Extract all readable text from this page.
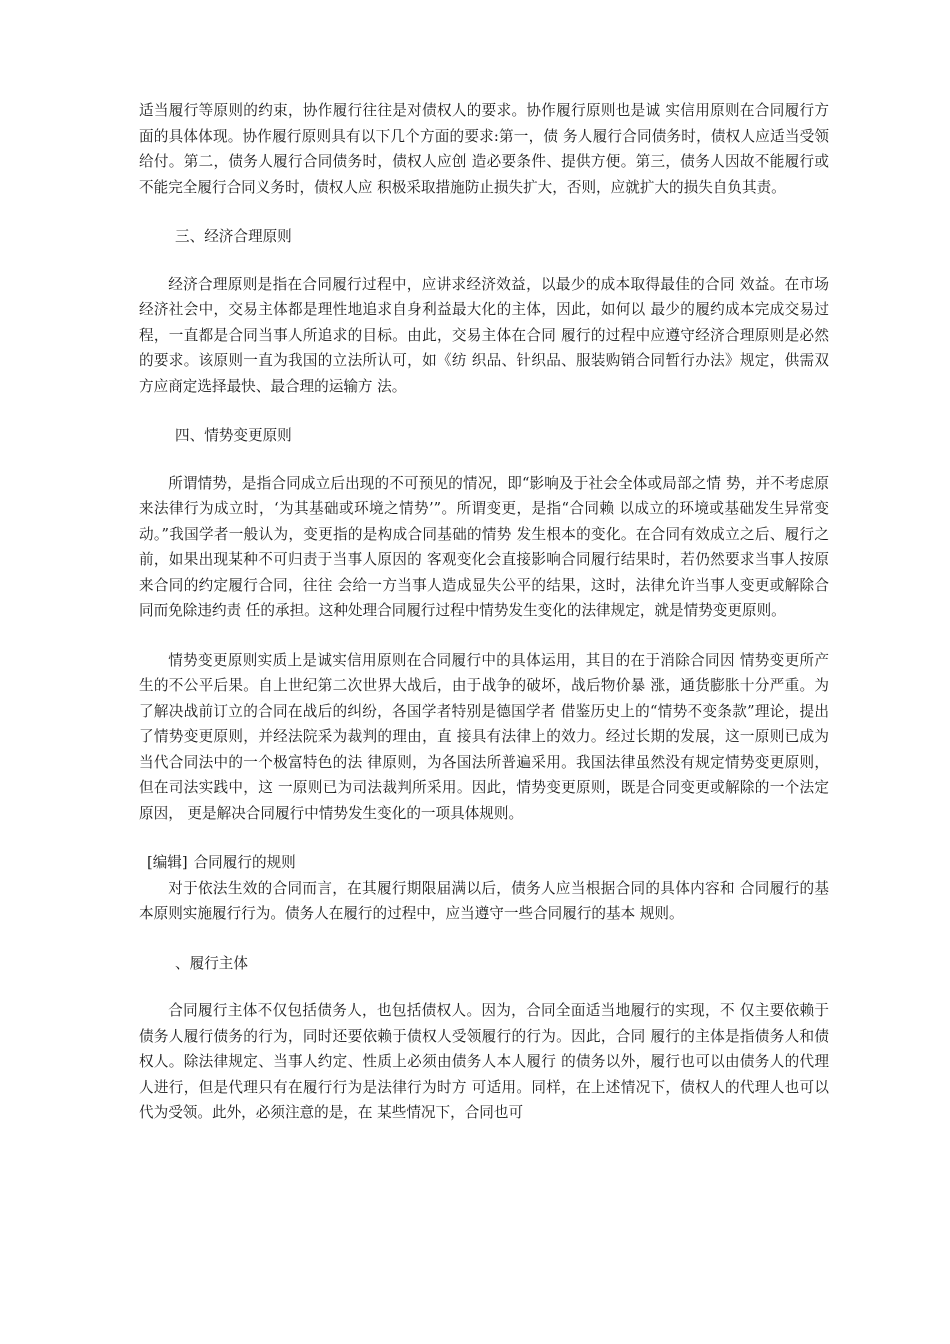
适当履行等原则的约束，协作履行往往是对债权人的要求。协作履行原则也是诚 实信用原则在合同履行方面的具体体现。协作履行原则具有以下几个方面的要求:第一，债 务人履行合同债务时，债权人应适当受领给付。第二，债务人履行合同债务时，债权人应创 造必要条件、提供方便。第三，债务人因故不能履行或不能完全履行合同义务时，债权人应 积极采取措施防止损失扩大，否则，应就扩大的损失自负其责。

三、经济合理原则

经济合理原则是指在合同履行过程中，应讲求经济效益，以最少的成本取得最佳的合同 效益。在市场经济社会中，交易主体都是理性地追求自身利益最大化的主体，因此，如何以 最少的履约成本完成交易过程，一直都是合同当事人所追求的目标。由此，交易主体在合同 履行的过程中应遵守经济合理原则是必然的要求。该原则一直为我国的立法所认可，如《纺 织品、针织品、服装购销合同暂行办法》规定，供需双方应商定选择最快、最合理的运输方 法。

四、情势变更原则

所谓情势，是指合同成立后出现的不可预见的情况，即“影响及于社会全体或局部之情 势，并不考虑原来法律行为成立时，‘为其基础或环境之情势’”。所谓变更，是指“合同赖 以成立的环境或基础发生异常变动。”我国学者一般认为，变更指的是构成合同基础的情势 发生根本的变化。在合同有效成立之后、履行之前，如果出现某种不可归责于当事人原因的 客观变化会直接影响合同履行结果时，若仍然要求当事人按原来合同的约定履行合同，往往 会给一方当事人造成显失公平的结果，这时，法律允许当事人变更或解除合同而免除违约责 任的承担。这种处理合同履行过程中情势发生变化的法律规定，就是情势变更原则。

情势变更原则实质上是诚实信用原则在合同履行中的具体运用，其目的在于消除合同因 情势变更所产生的不公平后果。自上世纪第二次世界大战后，由于战争的破坏，战后物价暴 涨，通货膨胀十分严重。为了解决战前订立的合同在战后的纠纷，各国学者特别是德国学者 借鉴历史上的“情势不变条款”理论，提出了情势变更原则，并经法院采为裁判的理由，直 接具有法律上的效力。经过长期的发展，这一原则已成为当代合同法中的一个极富特色的法 律原则，为各国法所普遍采用。我国法律虽然没有规定情势变更原则，但在司法实践中，这 一原则已为司法裁判所采用。因此，情势变更原则，既是合同变更或解除的一个法定原因， 更是解决合同履行中情势发生变化的一项具体规则。

[编辑] 合同履行的规则

对于依法生效的合同而言，在其履行期限届满以后，债务人应当根据合同的具体内容和 合同履行的基本原则实施履行行为。债务人在履行的过程中，应当遵守一些合同履行的基本 规则。

、履行主体

合同履行主体不仅包括债务人，也包括债权人。因为，合同全面适当地履行的实现，不 仅主要依赖于债务人履行债务的行为，同时还要依赖于债权人受领履行的行为。因此，合同 履行的主体是指债务人和债权人。除法律规定、当事人约定、性质上必须由债务人本人履行 的债务以外，履行也可以由债务人的代理人进行，但是代理只有在履行行为是法律行为时方 可适用。同样，在上述情况下，债权人的代理人也可以代为受领。此外，必须注意的是，在 某些情况下，合同也可
